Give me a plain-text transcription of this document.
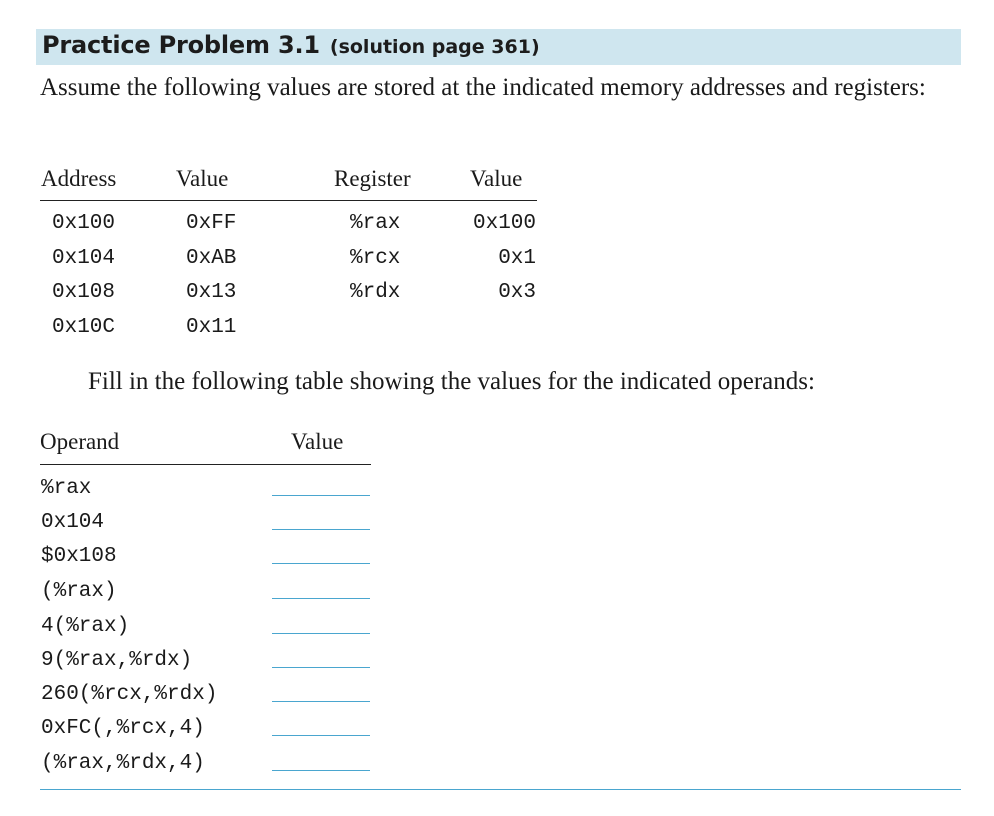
Practice Problem 3.1 (solution page 361)

Assume the following values are stored at the indicated memory addresses and registers:

Address	Value
0x100	0xFF
0x104	0xAB
0x108	0x13
0x10C	0x11
Register	Value
%rax	0x100
%rcx	0x1
%rdx	0x3
Fill in the following table showing the values for the indicated operands:
Operand	Value
%rax
0x104
$0x108
(%rax)
4(%rax)
9(%rax,%rdx)
260(%rcx,%rdx)
0xFC(,%rcx,4)
(%rax,%rdx,4)
